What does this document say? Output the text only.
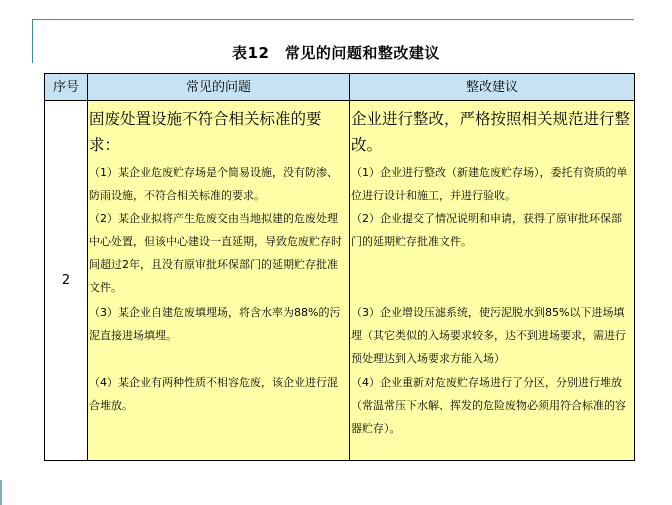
表12　常见的问题和整改建议
序号	常见的问题	整改建议
2
固废处置设施不符合相关标准的要求：
（1）某企业危废贮存场是个简易设施，没有防渗、防雨设施，不符合相关标准的要求。
（2）某企业拟将产生危废交由当地拟建的危废处理中心处置，但该中心建设一直延期，导致危废贮存时间超过2年，且没有原审批环保部门的延期贮存批准文件。
（3）某企业自建危废填埋场，将含水率为88%的污泥直接进场填埋。
（4）某企业有两种性质不相容危废，该企业进行混合堆放。
企业进行整改，严格按照相关规范进行整改。
（1）企业进行整改（新建危废贮存场），委托有资质的单位进行设计和施工，并进行验收。
（2）企业提交了情况说明和申请，获得了原审批环保部门的延期贮存批准文件。
（3）企业增设压滤系统，使污泥脱水到85%以下进场填埋（其它类似的入场要求较多，达不到进场要求，需进行预处理达到入场要求方能入场）
（4）企业重新对危废贮存场进行了分区，分别进行堆放（常温常压下水解、挥发的危险废物必须用符合标准的容器贮存）。
